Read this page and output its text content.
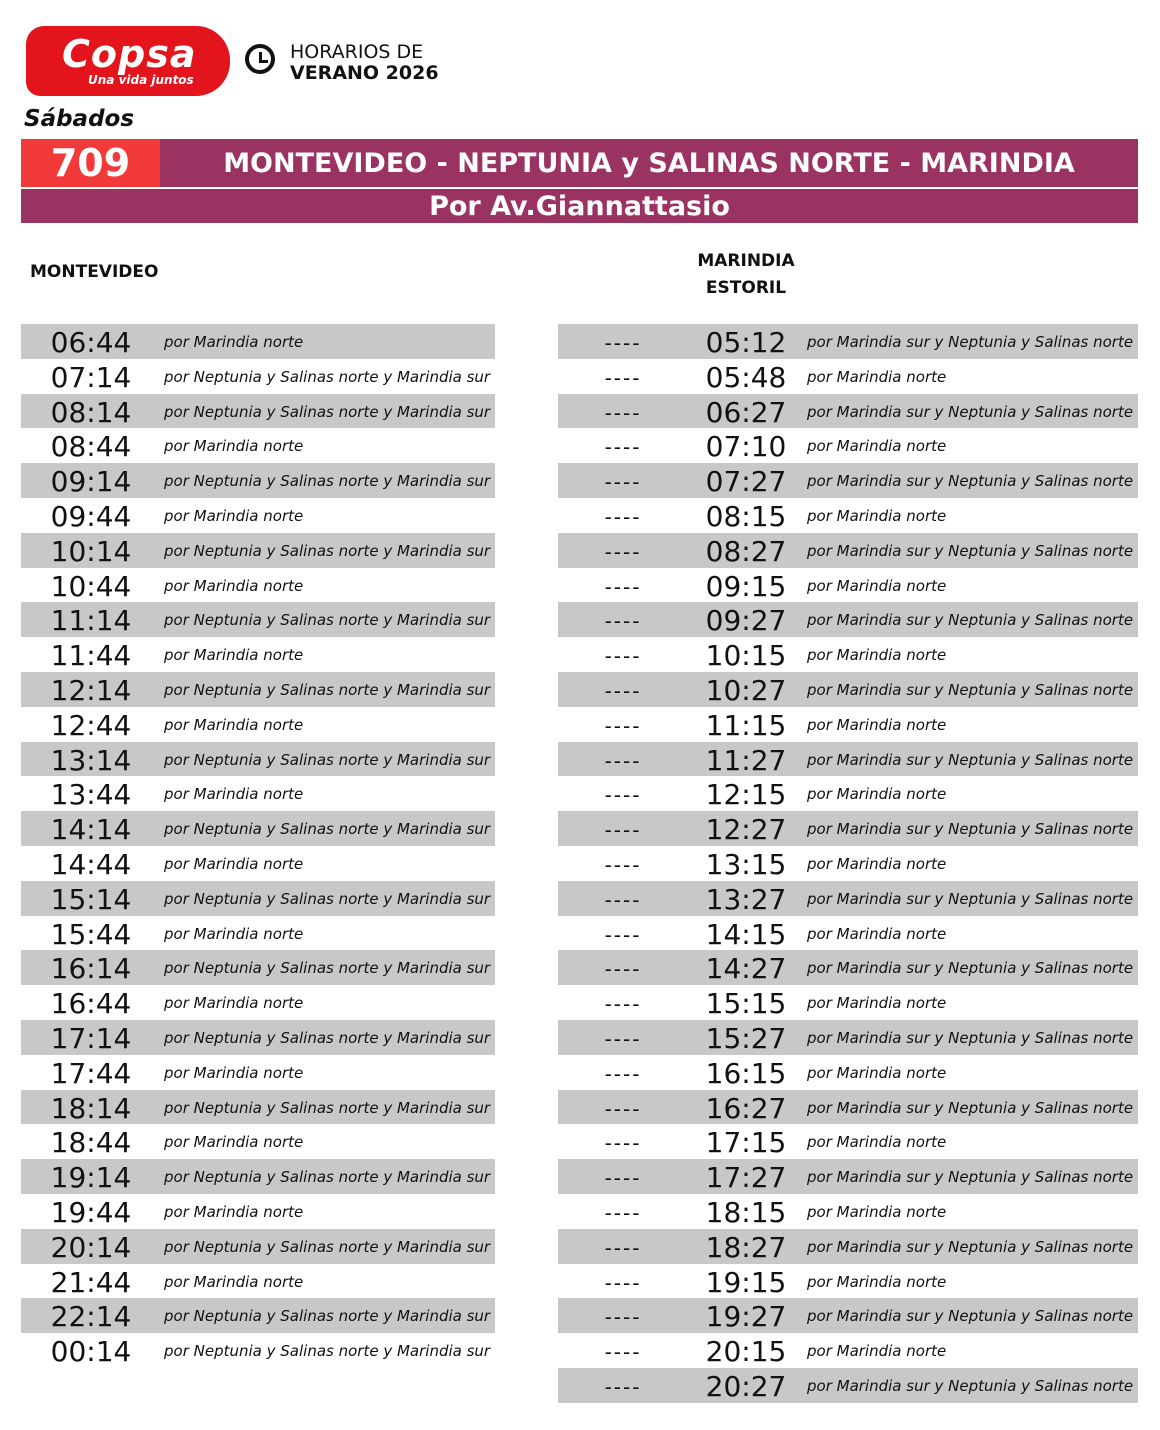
Copsa
Una vida juntos
HORARIOS DE
VERANO 2026
Sábados
709	MONTEVIDEO - NEPTUNIA y SALINAS NORTE - MARINDIA
Por Av.Giannattasio
MONTEVIDEO
MARINDIA
ESTORIL
06:44	por Marindia norte
07:14	por Neptunia y Salinas norte y Marindia sur
08:14	por Neptunia y Salinas norte y Marindia sur
08:44	por Marindia norte
09:14	por Neptunia y Salinas norte y Marindia sur
09:44	por Marindia norte
10:14	por Neptunia y Salinas norte y Marindia sur
10:44	por Marindia norte
11:14	por Neptunia y Salinas norte y Marindia sur
11:44	por Marindia norte
12:14	por Neptunia y Salinas norte y Marindia sur
12:44	por Marindia norte
13:14	por Neptunia y Salinas norte y Marindia sur
13:44	por Marindia norte
14:14	por Neptunia y Salinas norte y Marindia sur
14:44	por Marindia norte
15:14	por Neptunia y Salinas norte y Marindia sur
15:44	por Marindia norte
16:14	por Neptunia y Salinas norte y Marindia sur
16:44	por Marindia norte
17:14	por Neptunia y Salinas norte y Marindia sur
17:44	por Marindia norte
18:14	por Neptunia y Salinas norte y Marindia sur
18:44	por Marindia norte
19:14	por Neptunia y Salinas norte y Marindia sur
19:44	por Marindia norte
20:14	por Neptunia y Salinas norte y Marindia sur
21:44	por Marindia norte
22:14	por Neptunia y Salinas norte y Marindia sur
00:14	por Neptunia y Salinas norte y Marindia sur
----	05:12	por Marindia sur y Neptunia y Salinas norte
----	05:48	por Marindia norte
----	06:27	por Marindia sur y Neptunia y Salinas norte
----	07:10	por Marindia norte
----	07:27	por Marindia sur y Neptunia y Salinas norte
----	08:15	por Marindia norte
----	08:27	por Marindia sur y Neptunia y Salinas norte
----	09:15	por Marindia norte
----	09:27	por Marindia sur y Neptunia y Salinas norte
----	10:15	por Marindia norte
----	10:27	por Marindia sur y Neptunia y Salinas norte
----	11:15	por Marindia norte
----	11:27	por Marindia sur y Neptunia y Salinas norte
----	12:15	por Marindia norte
----	12:27	por Marindia sur y Neptunia y Salinas norte
----	13:15	por Marindia norte
----	13:27	por Marindia sur y Neptunia y Salinas norte
----	14:15	por Marindia norte
----	14:27	por Marindia sur y Neptunia y Salinas norte
----	15:15	por Marindia norte
----	15:27	por Marindia sur y Neptunia y Salinas norte
----	16:15	por Marindia norte
----	16:27	por Marindia sur y Neptunia y Salinas norte
----	17:15	por Marindia norte
----	17:27	por Marindia sur y Neptunia y Salinas norte
----	18:15	por Marindia norte
----	18:27	por Marindia sur y Neptunia y Salinas norte
----	19:15	por Marindia norte
----	19:27	por Marindia sur y Neptunia y Salinas norte
----	20:15	por Marindia norte
----	20:27	por Marindia sur y Neptunia y Salinas norte
